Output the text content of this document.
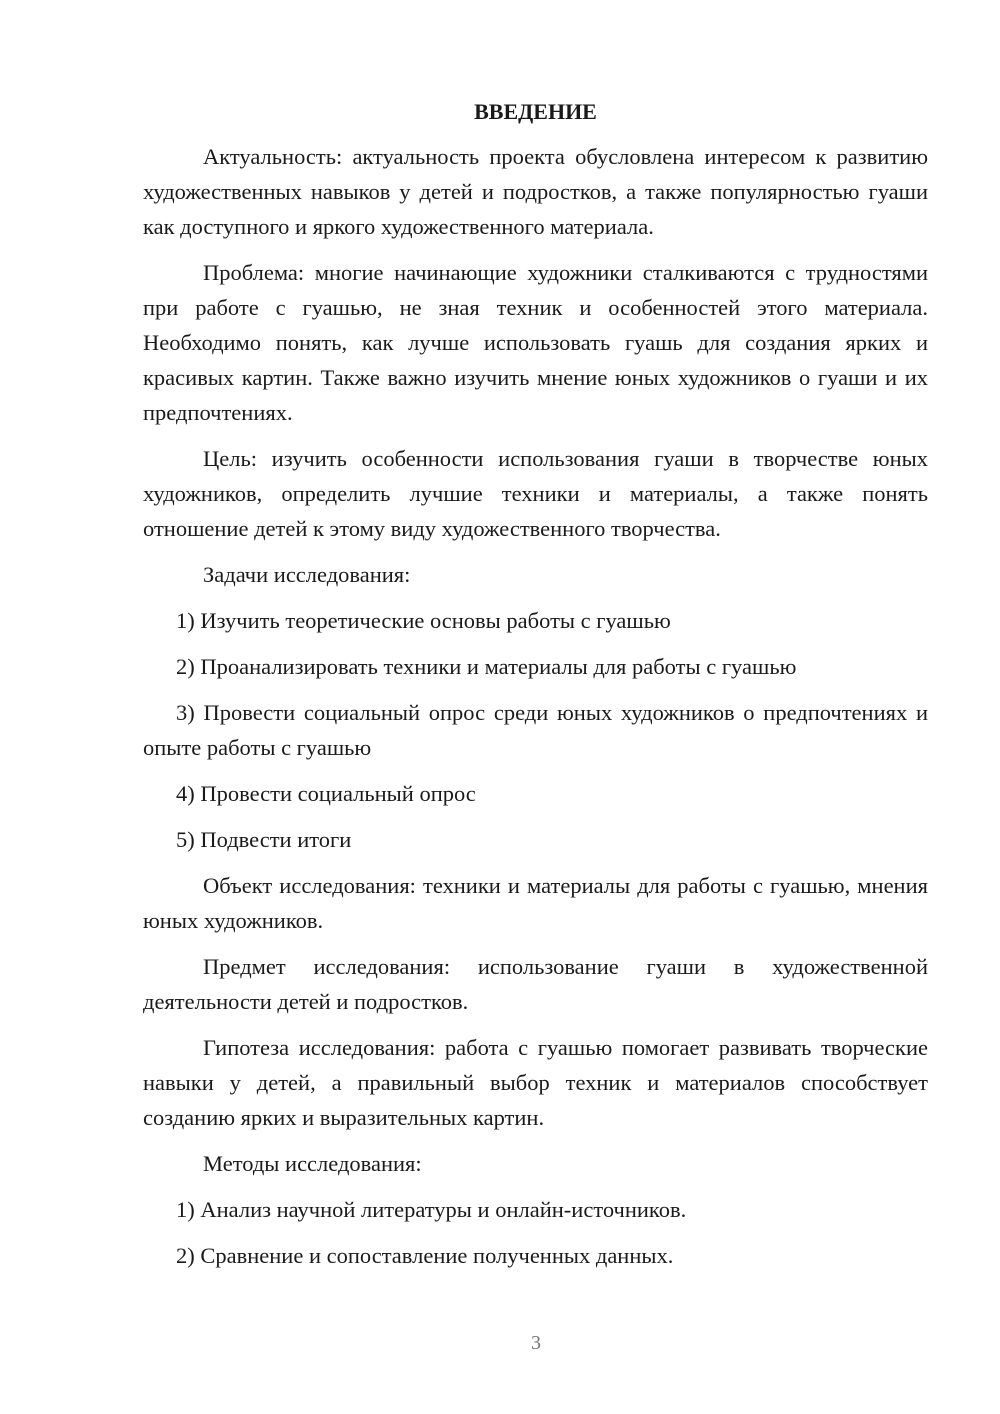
ВВЕДЕНИЕ

Актуальность: актуальность проекта обусловлена интересом к развитию художественных навыков у детей и подростков, а также популярностью гуаши как доступного и яркого художественного материала.

Проблема: многие начинающие художники сталкиваются с трудностями при работе с гуашью, не зная техник и особенностей этого материала. Необходимо понять, как лучше использовать гуашь для создания ярких и красивых картин. Также важно изучить мнение юных художников о гуаши и их предпочтениях.

Цель: изучить особенности использования гуаши в творчестве юных художников, определить лучшие техники и материалы, а также понять отношение детей к этому виду художественного творчества.

Задачи исследования:

1) Изучить теоретические основы работы с гуашью

2) Проанализировать техники и материалы для работы с гуашью

3) Провести социальный опрос среди юных художников о предпочтениях и опыте работы с гуашью

4) Провести социальный опрос

5) Подвести итоги

Объект исследования: техники и материалы для работы с гуашью, мнения юных художников.

Предмет исследования: использование гуаши в художественной деятельности детей и подростков.

Гипотеза исследования: работа с гуашью помогает развивать творческие навыки у детей, а правильный выбор техник и материалов способствует созданию ярких и выразительных картин.

Методы исследования:

1) Анализ научной литературы и онлайн-источников.

2) Сравнение и сопоставление полученных данных.

3
